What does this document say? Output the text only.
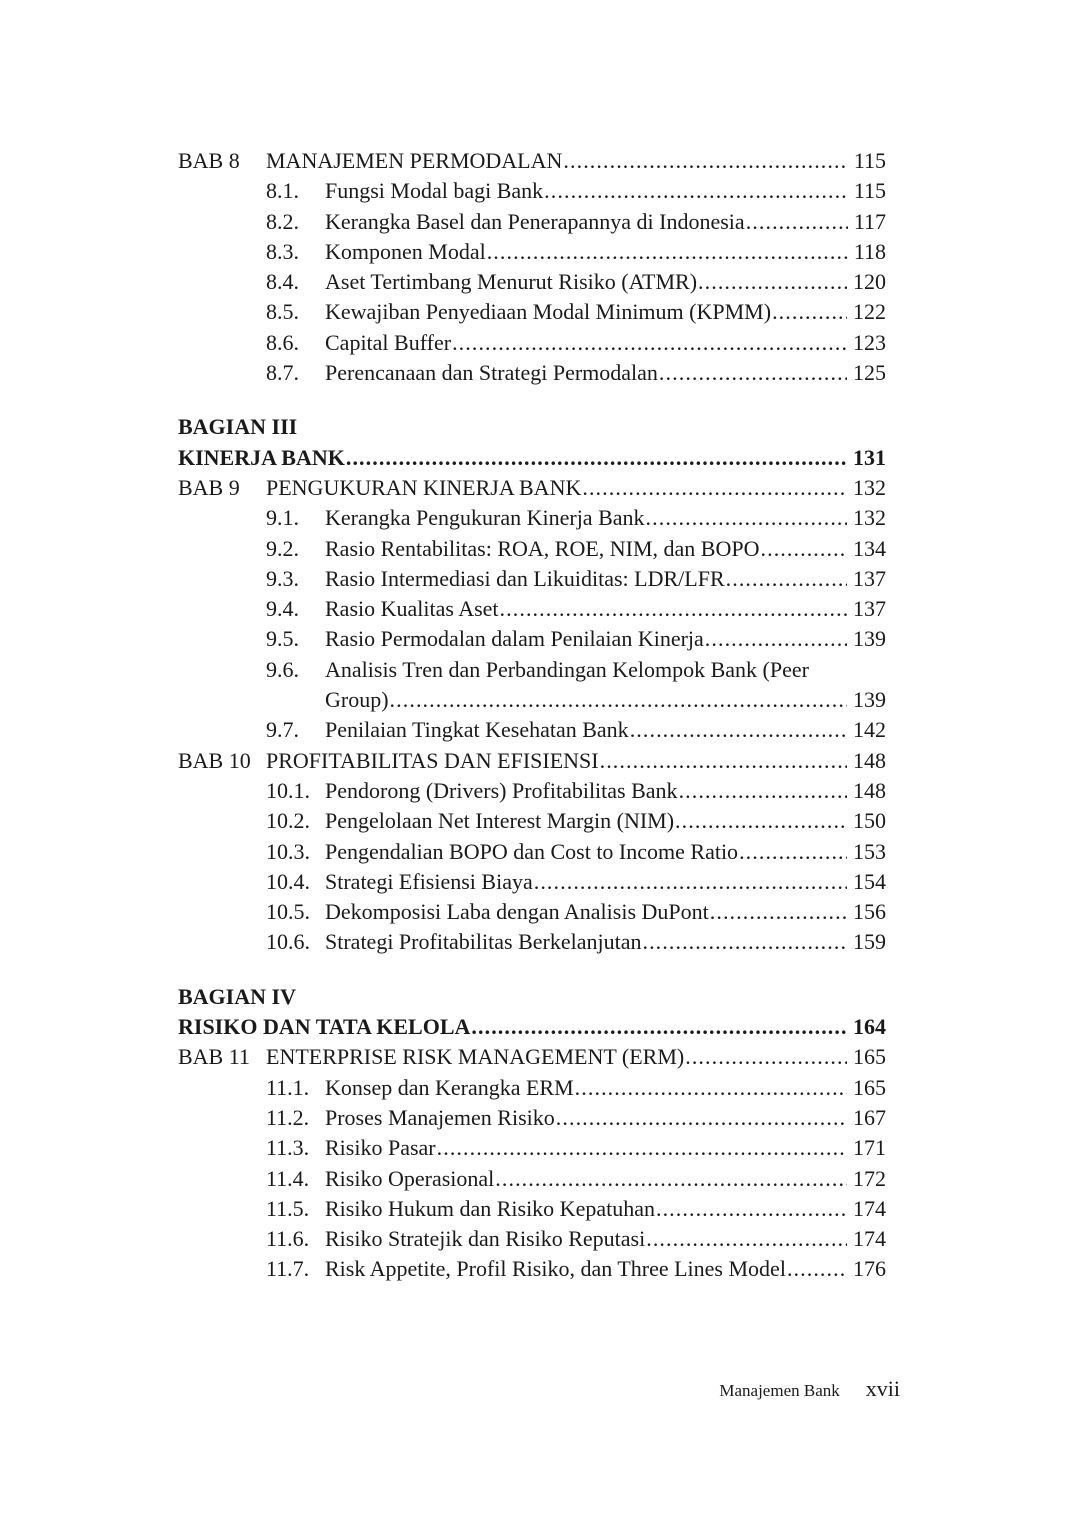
BAB 8	MANAJEMEN PERMODALAN .....	115
8.1.	Fungsi Modal bagi Bank .....	115
8.2.	Kerangka Basel dan Penerapannya di Indonesia .....	117
8.3.	Komponen Modal .....	118
8.4.	Aset Tertimbang Menurut Risiko (ATMR) .....	120
8.5.	Kewajiban Penyediaan Modal Minimum (KPMM) .....	122
8.6.	Capital Buffer .....	123
8.7.	Perencanaan dan Strategi Permodalan .....	125
BAGIAN III
KINERJA BANK .....	131
BAB 9	PENGUKURAN KINERJA BANK .....	132
9.1.	Kerangka Pengukuran Kinerja Bank .....	132
9.2.	Rasio Rentabilitas: ROA, ROE, NIM, dan BOPO .....	134
9.3.	Rasio Intermediasi dan Likuiditas: LDR/LFR .....	137
9.4.	Rasio Kualitas Aset .....	137
9.5.	Rasio Permodalan dalam Penilaian Kinerja .....	139
9.6.	Analisis Tren dan Perbandingan Kelompok Bank (Peer
Group) .....	139
9.7.	Penilaian Tingkat Kesehatan Bank .....	142
BAB 10 PROFITABILITAS DAN EFISIENSI .....	148
10.1. Pendorong (Drivers) Profitabilitas Bank .....	148
10.2. Pengelolaan Net Interest Margin (NIM) .....	150
10.3. Pengendalian BOPO dan Cost to Income Ratio .....	153
10.4. Strategi Efisiensi Biaya .....	154
10.5. Dekomposisi Laba dengan Analisis DuPont .....	156
10.6. Strategi Profitabilitas Berkelanjutan .....	159
BAGIAN IV
RISIKO DAN TATA KELOLA .....	164
BAB 11 ENTERPRISE RISK MANAGEMENT (ERM) .....	165
11.1. Konsep dan Kerangka ERM .....	165
11.2. Proses Manajemen Risiko .....	167
11.3. Risiko Pasar .....	171
11.4. Risiko Operasional .....	172
11.5. Risiko Hukum dan Risiko Kepatuhan .....	174
11.6. Risiko Stratejik dan Risiko Reputasi .....	174
11.7. Risk Appetite, Profil Risiko, dan Three Lines Model .....	176
Manajemen Bank xvii
